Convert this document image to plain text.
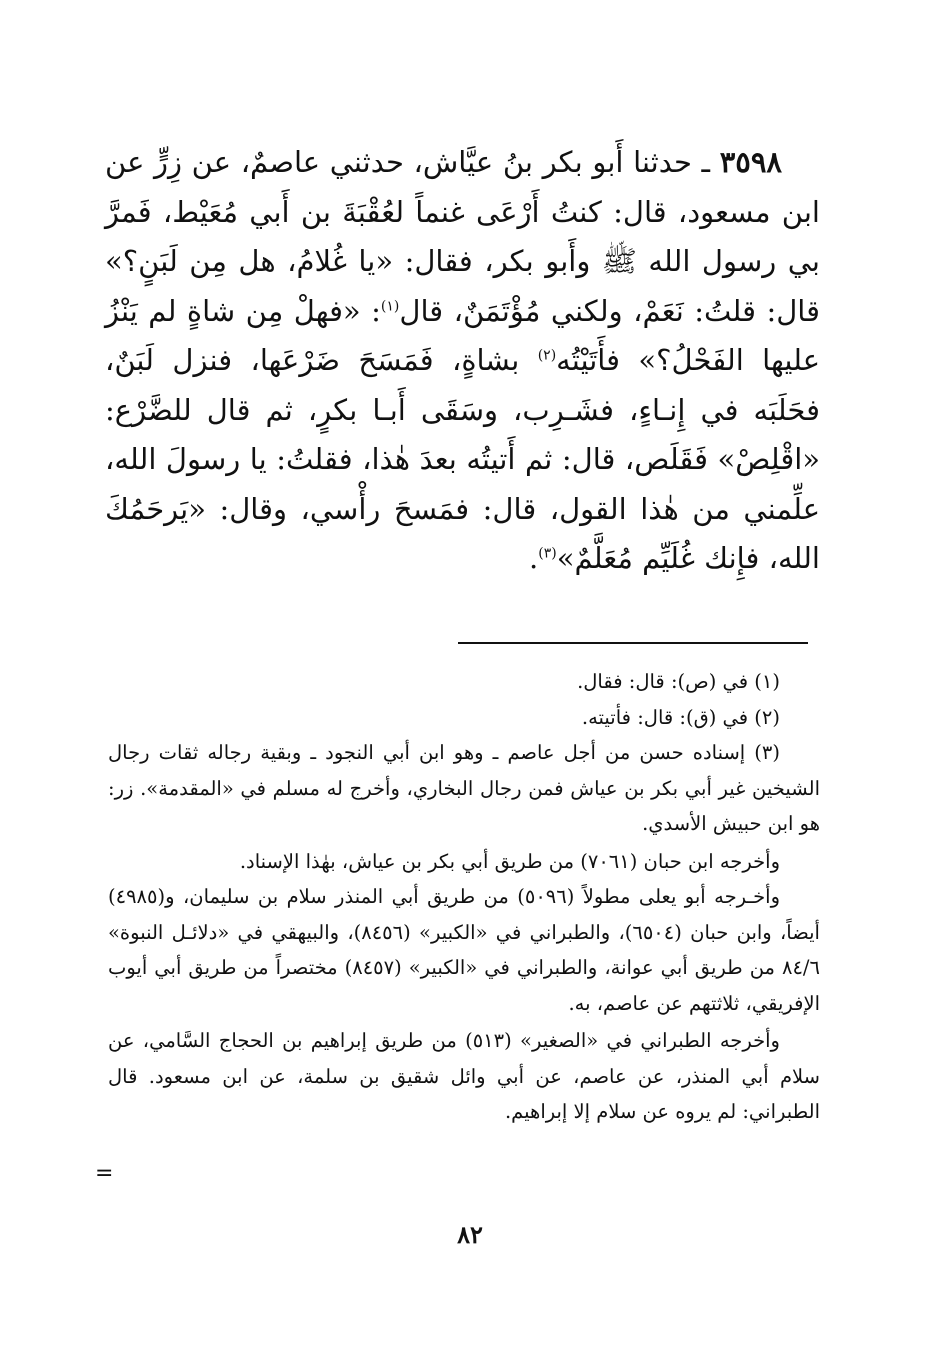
٣٥٩٨ ـ حدثنا أَبو بكر بنُ عيَّاش، حدثني عاصمٌ، عن زِرٍّ عن ابن مسعود، قال: كنتُ أَرْعَى غنماً لعُقْبَةَ بن أَبي مُعَيْط، فَمرَّ بي رسول الله ﷺ وأَبو بكر، فقال: «يا غُلامُ، هل مِن لَبَنٍ؟» قال: قلتُ: نَعَمْ، ولكني مُؤْتَمَنٌ، قال$^{(١)}$: «فهلْ مِن شاةٍ لم يَنْزُ عليها الفَحْلُ؟» فأَتَيْتُه$^{(٢)}$ بشاةٍ، فَمَسَحَ ضَرْعَها، فنزل لَبَنٌ، فحَلَبَه في إِنـاءٍ، فشَـرِب، وسَقَى أَبـا بكرٍ، ثم قال للضَّرْع: «اقْلِصْ» فَقَلَص، قال: ثم أَتيتُه بعدَ هٰذا، فقلتُ: يا رسولَ الله، علِّمني من هٰذا القول، قال: فمَسحَ رأْسي، وقال: «يَرحَمُكَ الله، فإِنك غُلَيِّم مُعَلَّمٌ»$^{(٣)}$.

(١) في (ص): قال: فقال.

(٢) في (ق): قال: فأتيته.

(٣) إسناده حسن من أجل عاصم ـ وهو ابن أبي النجود ـ وبقية رجاله ثقات رجال الشيخين غير أبي بكر بن عياش فمن رجال البخاري، وأخرج له مسلم في «المقدمة». زر: هو ابن حبيش الأسدي.

وأخرجه ابن حبان (٧٠٦١) من طريق أبي بكر بن عياش، بهٰذا الإسناد.

وأخـرجه أبو يعلى مطولاً (٥٠٩٦) من طريق أبي المنذر سلام بن سليمان، و(٤٩٨٥) أيضاً، وابن حبان (٦٥٠٤)، والطبراني في «الكبير» (٨٤٥٦)، والبيهقي في «دلائـل النبوة» ٨٤/٦ من طريق أبي عوانة، والطبراني في «الكبير» (٨٤٥٧) مختصراً من طريق أبي أيوب الإفريقي، ثلاثتهم عن عاصم، به.

وأخرجه الطبراني في «الصغير» (٥١٣) من طريق إبراهيم بن الحجاج السَّامي، عن سلام أبي المنذر، عن عاصم، عن أبي وائل شقيق بن سلمة، عن ابن مسعود. قال الطبراني: لم يروه عن سلام إلا إبراهيم.

=
٨٢
